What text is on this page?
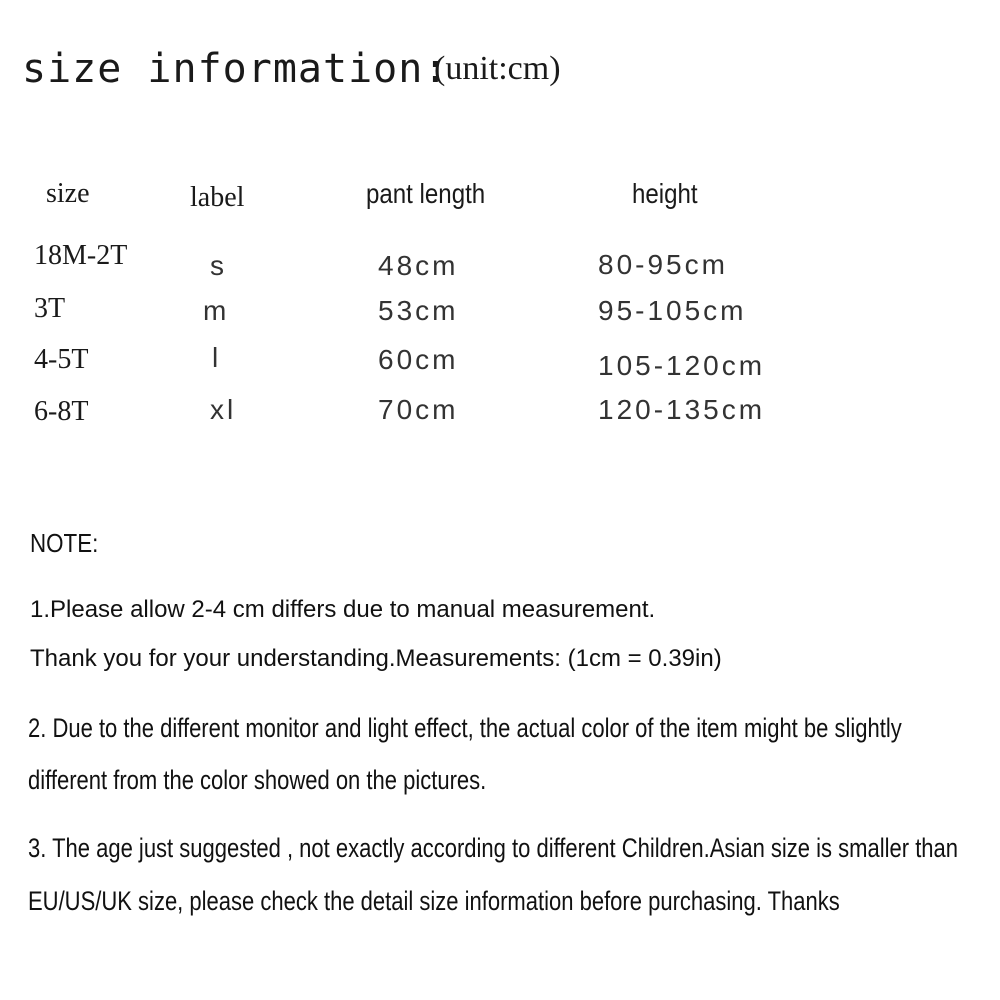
size information:
(unit:cm)
size	label	pant length	height
18M-2T	s	48cm	80-95cm
3T	m	53cm	95-105cm
4-5T	l	60cm	105-120cm
6-8T	xl	70cm	120-135cm
NOTE:
1.Please allow 2-4 cm differs due to manual measurement.
Thank you for your understanding.Measurements: (1cm = 0.39in)
2. Due to the different monitor and light effect, the actual color of the item might be slightly
different from the color showed on the pictures.
3. The age just suggested , not exactly according to different Children.Asian size is smaller than
EU/US/UK size, please check the detail size information before purchasing. Thanks
